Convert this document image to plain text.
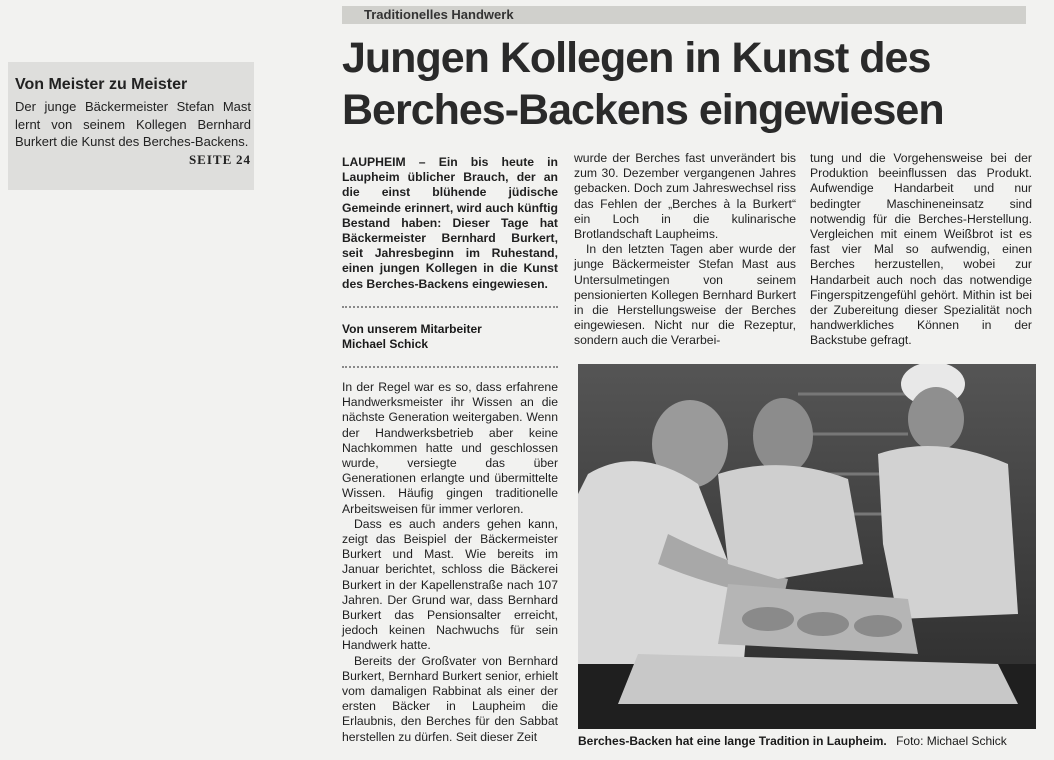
Von Meister zu Meister
Der junge Bäckermeister Stefan Mast lernt von seinem Kollegen Bernhard Burkert die Kunst des Berches-Backens.
SEITE 24
Traditionelles Handwerk
Jungen Kollegen in Kunst des Berches-Backens eingewiesen

LAUPHEIM – Ein bis heute in Laupheim üblicher Brauch, der an die einst blühende jüdische Gemeinde erinnert, wird auch künftig Bestand haben: Dieser Tage hat Bäckermeister Bernhard Burkert, seit Jahresbeginn im Ruhestand, einen jungen Kollegen in die Kunst des Berches-Backens eingewiesen.

Von unserem Mitarbeiter
Michael Schick

In der Regel war es so, dass erfahrene Handwerksmeister ihr Wissen an die nächste Generation weitergaben. Wenn der Handwerksbetrieb aber keine Nachkommen hatte und geschlossen wurde, versiegte das über Generationen erlangte und übermittelte Wissen. Häufig gingen traditionelle Arbeitsweisen für immer verloren.

Dass es auch anders gehen kann, zeigt das Beispiel der Bäckermeister Burkert und Mast. Wie bereits im Januar berichtet, schloss die Bäckerei Burkert in der Kapellenstraße nach 107 Jahren. Der Grund war, dass Bernhard Burkert das Pensionsalter erreicht, jedoch keinen Nachwuchs für sein Handwerk hatte.

Bereits der Großvater von Bernhard Burkert, Bernhard Burkert senior, erhielt vom damaligen Rabbinat als einer der ersten Bäcker in Laupheim die Erlaubnis, den Berches für den Sabbat herstellen zu dürfen. Seit dieser Zeit

wurde der Berches fast unverändert bis zum 30. Dezember vergangenen Jahres gebacken. Doch zum Jahreswechsel riss das Fehlen der „Berches à la Burkert“ ein Loch in die kulinarische Brotlandschaft Laupheims.

In den letzten Tagen aber wurde der junge Bäckermeister Stefan Mast aus Untersulmetingen von seinem pensionierten Kollegen Bernhard Burkert in die Herstellungsweise der Berches eingewiesen. Nicht nur die Rezeptur, sondern auch die Verarbei-

tung und die Vorgehensweise bei der Produktion beeinflussen das Produkt. Aufwendige Handarbeit und nur bedingter Maschineneinsatz sind notwendig für die Berches-Herstellung. Vergleichen mit einem Weißbrot ist es fast vier Mal so aufwendig, einen Berches herzustellen, wobei zur Handarbeit auch noch das notwendige Fingerspitzengefühl gehört. Mithin ist bei der Zubereitung dieser Spezialität noch handwerkliches Können in der Backstube gefragt.

Berches-Backen hat eine lange Tradition in Laupheim. Foto: Michael Schick
